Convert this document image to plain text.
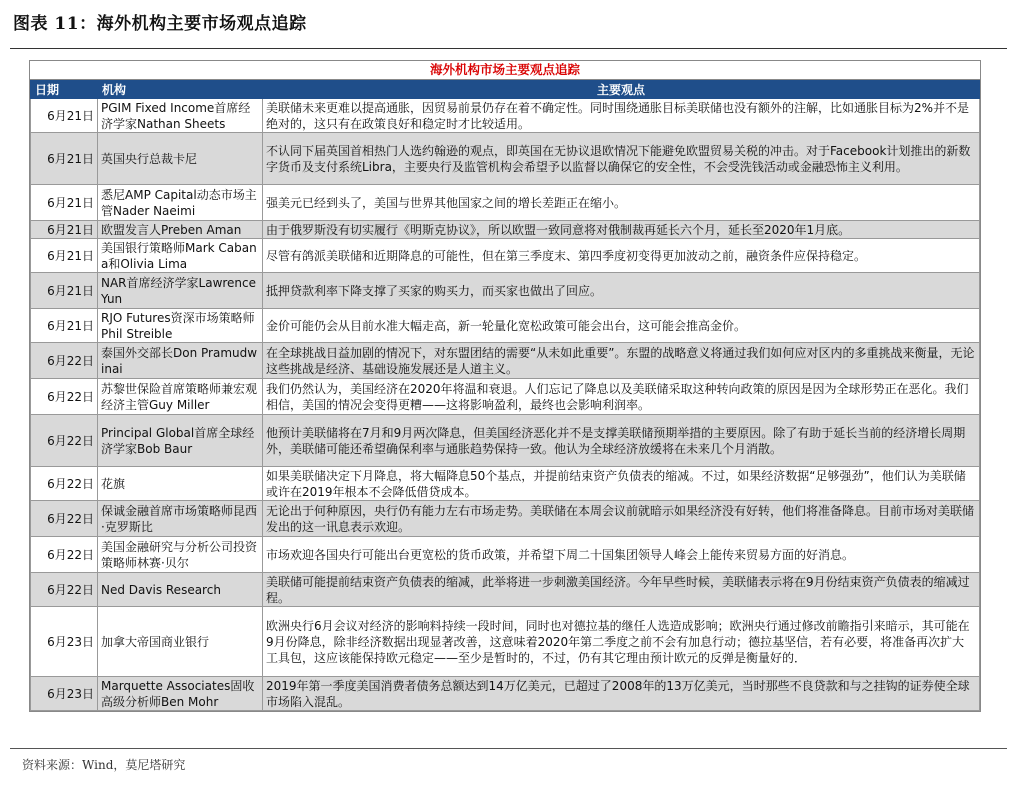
图表 11：海外机构主要市场观点追踪
海外机构市场主要观点追踪
日期	机构	主要观点
6月21日	PGIM Fixed Income首席经济学家Nathan Sheets	美联储未来更难以提高通胀，因贸易前景仍存在着不确定性。同时围绕通胀目标美联储也没有额外的注解，比如通胀目标为2%并不是绝对的，这只有在政策良好和稳定时才比较适用。
6月21日	英国央行总裁卡尼	不认同下届英国首相热门人选约翰逊的观点，即英国在无协议退欧情况下能避免欧盟贸易关税的冲击。对于Facebook计划推出的新数字货币及支付系统Libra，主要央行及监管机构会希望予以监督以确保它的安全性，不会受洗钱活动或金融恐怖主义利用。
6月21日	悉尼AMP Capital动态市场主管Nader Naeimi	强美元已经到头了，美国与世界其他国家之间的增长差距正在缩小。
6月21日	欧盟发言人Preben Aman	由于俄罗斯没有切实履行《明斯克协议》，所以欧盟一致同意将对俄制裁再延长六个月，延长至2020年1月底。
6月21日	美国银行策略师Mark Cabana和Olivia Lima	尽管有鸽派美联储和近期降息的可能性，但在第三季度末、第四季度初变得更加波动之前，融资条件应保持稳定。
6月21日	NAR首席经济学家Lawrence Yun	抵押贷款利率下降支撑了买家的购买力，而买家也做出了回应。
6月21日	RJO Futures资深市场策略师Phil Streible	金价可能仍会从目前水准大幅走高，新一轮量化宽松政策可能会出台，这可能会推高金价。
6月22日	泰国外交部长Don Pramudwinai	在全球挑战日益加剧的情况下，对东盟团结的需要“从未如此重要”。东盟的战略意义将通过我们如何应对区内的多重挑战来衡量，无论这些挑战是经济、基础设施发展还是人道主义。
6月22日	苏黎世保险首席策略师兼宏观经济主管Guy Miller	我们仍然认为，美国经济在2020年将温和衰退。人们忘记了降息以及美联储采取这种转向政策的原因是因为全球形势正在恶化。我们相信，美国的情况会变得更糟——这将影响盈利，最终也会影响利润率。
6月22日	Principal Global首席全球经济学家Bob Baur	他预计美联储将在7月和9月两次降息，但美国经济恶化并不是支撑美联储预期举措的主要原因。除了有助于延长当前的经济增长周期外，美联储可能还希望确保利率与通胀趋势保持一致。他认为全球经济放缓将在未来几个月消散。
6月22日	花旗	如果美联储决定下月降息，将大幅降息50个基点，并提前结束资产负债表的缩减。不过，如果经济数据“足够强劲”，他们认为美联储或许在2019年根本不会降低借贷成本。
6月22日	保诚金融首席市场策略师昆西·克罗斯比	无论出于何种原因，央行仍有能力左右市场走势。美联储在本周会议前就暗示如果经济没有好转，他们将准备降息。目前市场对美联储发出的这一讯息表示欢迎。
6月22日	美国金融研究与分析公司投资策略师林赛·贝尔	市场欢迎各国央行可能出台更宽松的货币政策，并希望下周二十国集团领导人峰会上能传来贸易方面的好消息。
6月22日	Ned Davis Research	美联储可能提前结束资产负债表的缩减，此举将进一步刺激美国经济。今年早些时候，美联储表示将在9月份结束资产负债表的缩减过程。
6月23日	加拿大帝国商业银行	欧洲央行6月会议对经济的影响料持续一段时间，同时也对德拉基的继任人选造成影响；欧洲央行通过修改前瞻指引来暗示，其可能在9月份降息，除非经济数据出现显著改善，这意味着2020年第二季度之前不会有加息行动；德拉基坚信，若有必要，将准备再次扩大工具包，这应该能保持欧元稳定——至少是暂时的，不过，仍有其它理由预计欧元的反弹是衡量好的．
6月23日	Marquette Associates固收高级分析师Ben Mohr	2019年第一季度美国消费者债务总额达到14万亿美元，已超过了2008年的13万亿美元，当时那些不良贷款和与之挂钩的证券使全球市场陷入混乱。
资料来源：Wind，莫尼塔研究
